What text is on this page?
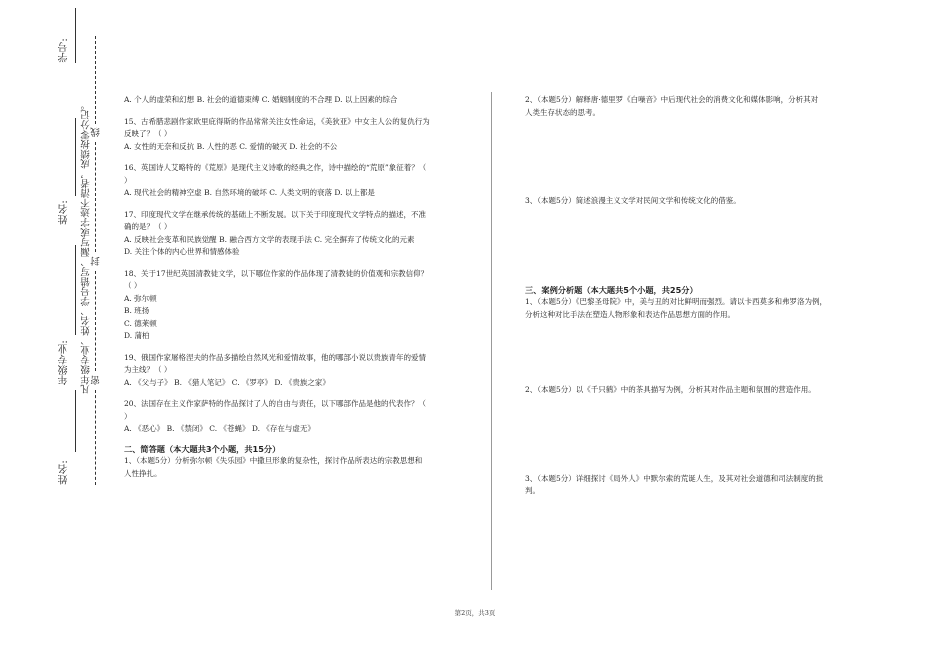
学号:
姓名:
年级专业:
姓名:
凡年级专业、姓名、学号错写、漏写或字迹不清者，成绩按零分记。 线
封
密

A. 个人的虚荣和幻想 B. 社会的道德束缚 C. 婚姻制度的不合理 D. 以上因素的综合

15、古希腊悲剧作家欧里庇得斯的作品常常关注女性命运，《美狄亚》中女主人公的复仇行为

反映了？（ ）

A. 女性的无奈和反抗 B. 人性的恶 C. 爱情的破灭 D. 社会的不公

16、英国诗人艾略特的《荒原》是现代主义诗歌的经典之作，诗中描绘的“荒原”象征着？（

）

A. 现代社会的精神空虚 B. 自然环境的破坏 C. 人类文明的衰落 D. 以上都是

17、印度现代文学在继承传统的基础上不断发展。以下关于印度现代文学特点的描述，不准

确的是？（ ）

A. 反映社会变革和民族觉醒 B. 融合西方文学的表现手法 C. 完全摒弃了传统文化的元素

D. 关注个体的内心世界和情感体验

18、关于17世纪英国清教徒文学，以下哪位作家的作品体现了清教徒的价值观和宗教信仰？

（ ）

A. 弥尔顿

B. 班扬

C. 德莱顿

D. 蒲柏

19、俄国作家屠格涅夫的作品多描绘自然风光和爱情故事，他的哪部小说以贵族青年的爱情

为主线？（ ）

A. 《父与子》 B. 《猎人笔记》 C. 《罗亭》 D. 《贵族之家》

20、法国存在主义作家萨特的作品探讨了人的自由与责任，以下哪部作品是他的代表作？（

）

A. 《恶心》 B. 《禁闭》 C. 《苍蝇》 D. 《存在与虚无》

二、简答题（本大题共3个小题，共15分）

1、（本题5分）分析弥尔顿《失乐园》中撒旦形象的复杂性，探讨作品所表达的宗教思想和

人性挣扎。

2、（本题5分）解释唐·德里罗《白噪音》中后现代社会的消费文化和媒体影响，分析其对

人类生存状态的思考。

3、（本题5分）简述浪漫主义文学对民间文学和传统文化的借鉴。

三、案例分析题（本大题共5个小题，共25分）

1、（本题5分）《巴黎圣母院》中，美与丑的对比鲜明而强烈。请以卡西莫多和弗罗洛为例，

分析这种对比手法在塑造人物形象和表达作品思想方面的作用。

2、（本题5分）以《千只鹤》中的茶具描写为例，分析其对作品主题和氛围的营造作用。

3、（本题5分）详细探讨《局外人》中默尔索的荒诞人生，及其对社会道德和司法制度的批

判。

第2页，共3页
